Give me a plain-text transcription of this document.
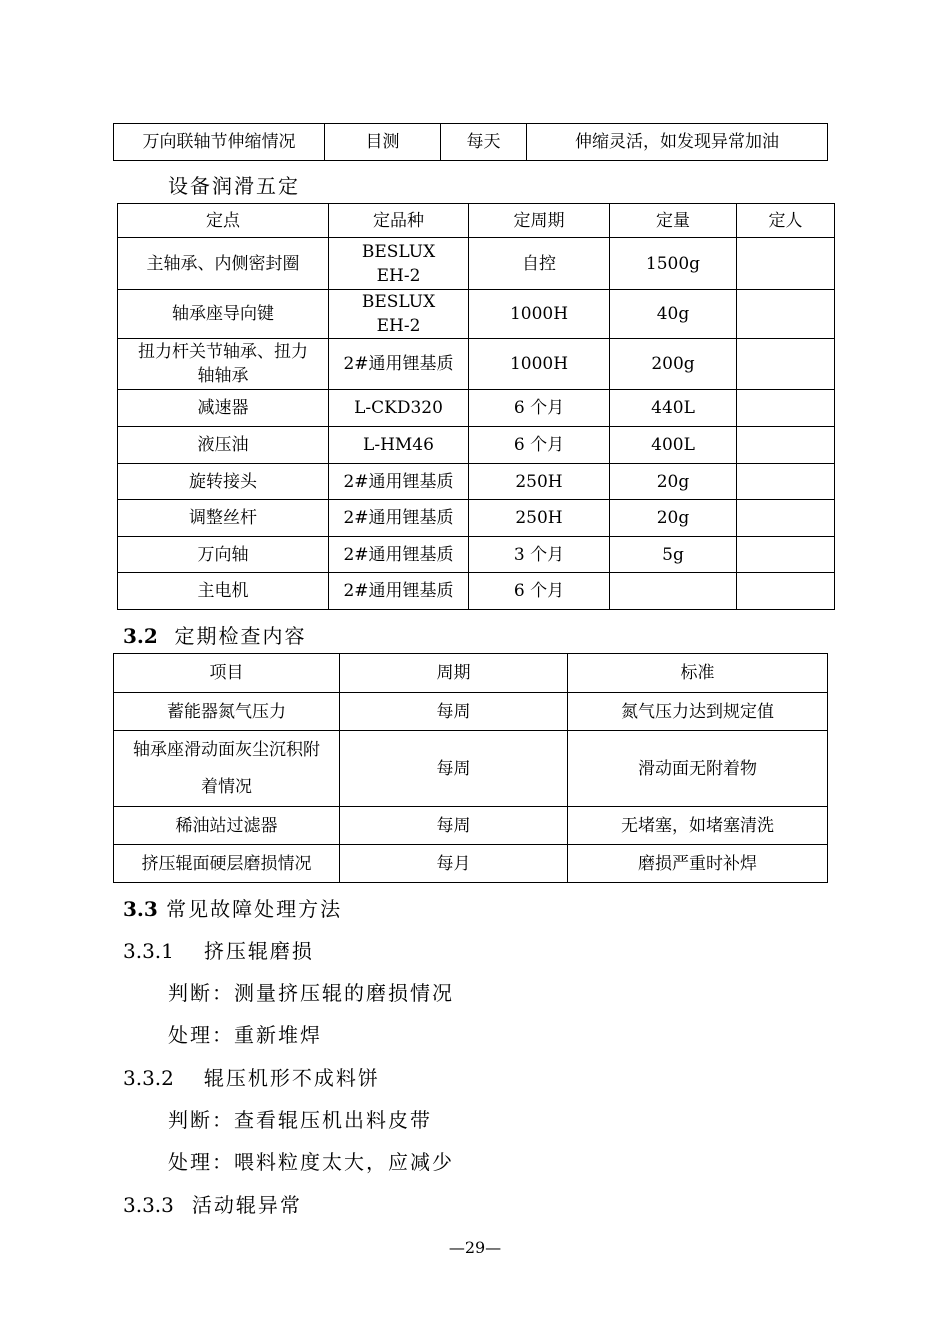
万向联轴节伸缩情况	目测	每天	伸缩灵活，如发现异常加油
设备润滑五定
定点	定品种	定周期	定量	定人
主轴承、内侧密封圈	BESLUX EH-2	自控	1500g	
轴承座导向键	BESLUX EH-2	1000H	40g	
扭力杆关节轴承、扭力轴轴承	2#通用锂基质	1000H	200g	
减速器	L-CKD320	6 个月	440L	
液压油	L-HM46	6 个月	400L	
旋转接头	2#通用锂基质	250H	20g	
调整丝杆	2#通用锂基质	250H	20g	
万向轴	2#通用锂基质	3 个月	5g	
主电机	2#通用锂基质	6 个月		
3.2 定期检查内容
项目	周期	标准
蓄能器氮气压力	每周	氮气压力达到规定值
轴承座滑动面灰尘沉积附着情况	每周	滑动面无附着物
稀油站过滤器	每周	无堵塞，如堵塞清洗
挤压辊面硬层磨损情况	每月	磨损严重时补焊
3.3 常见故障处理方法
3.3.1 挤压辊磨损
判断：测量挤压辊的磨损情况
处理：重新堆焊
3.3.2 辊压机形不成料饼
判断：查看辊压机出料皮带
处理：喂料粒度太大，应减少
3.3.3 活动辊异常
—29—
